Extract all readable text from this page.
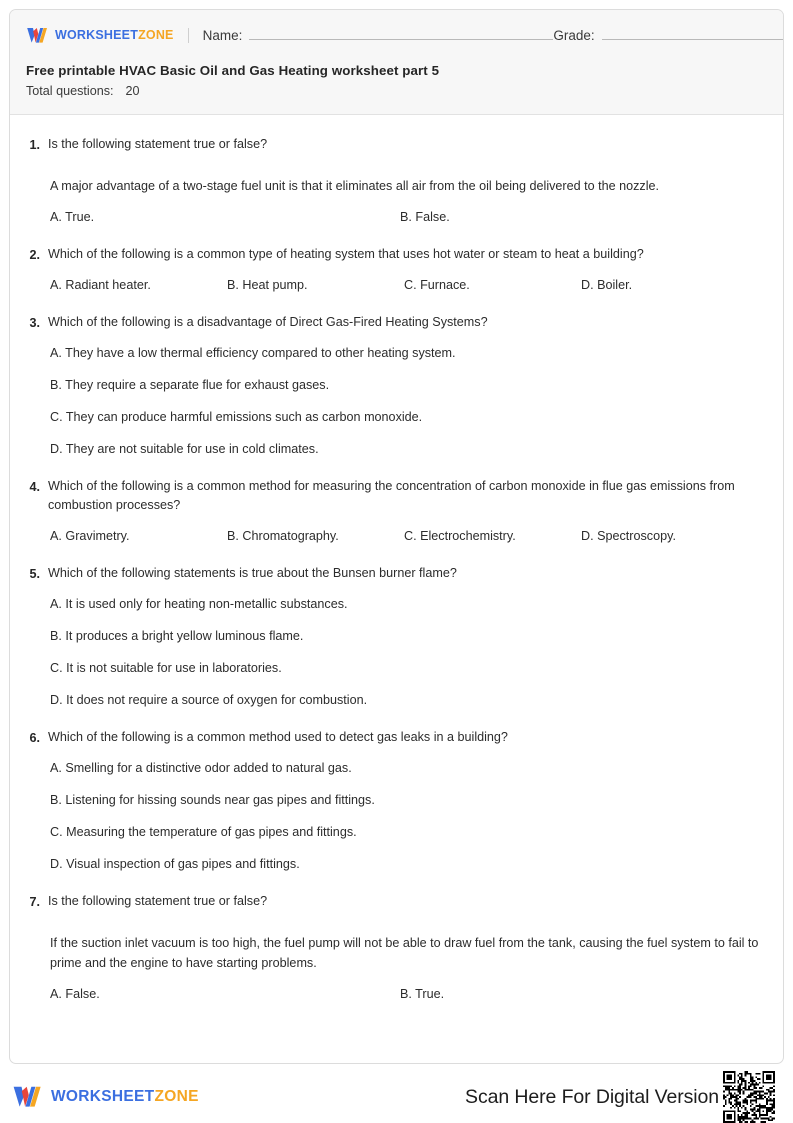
WORKSHEETZONE Name:	Grade:
Free printable HVAC Basic Oil and Gas Heating worksheet part 5
Total questions: 20
1. Is the following statement true or false?
A major advantage of a two-stage fuel unit is that it eliminates all air from the oil being delivered to the nozzle.
A. True.	B. False.
2. Which of the following is a common type of heating system that uses hot water or steam to heat a building?
A. Radiant heater.	B. Heat pump.	C. Furnace.	D. Boiler.
3. Which of the following is a disadvantage of Direct Gas-Fired Heating Systems?
A. They have a low thermal efficiency compared to other heating system.
B. They require a separate flue for exhaust gases.
C. They can produce harmful emissions such as carbon monoxide.
D. They are not suitable for use in cold climates.
4. Which of the following is a common method for measuring the concentration of carbon monoxide in flue gas emissions from combustion processes?
A. Gravimetry.	B. Chromatography.	C. Electrochemistry.	D. Spectroscopy.
5. Which of the following statements is true about the Bunsen burner flame?
A. It is used only for heating non-metallic substances.
B. It produces a bright yellow luminous flame.
C. It is not suitable for use in laboratories.
D. It does not require a source of oxygen for combustion.
6. Which of the following is a common method used to detect gas leaks in a building?
A. Smelling for a distinctive odor added to natural gas.
B. Listening for hissing sounds near gas pipes and fittings.
C. Measuring the temperature of gas pipes and fittings.
D. Visual inspection of gas pipes and fittings.
7. Is the following statement true or false?
If the suction inlet vacuum is too high, the fuel pump will not be able to draw fuel from the tank, causing the fuel system to fail to prime and the engine to have starting problems.
A. False.	B. True.
WORKSHEETZONE	Scan Here For Digital Version
